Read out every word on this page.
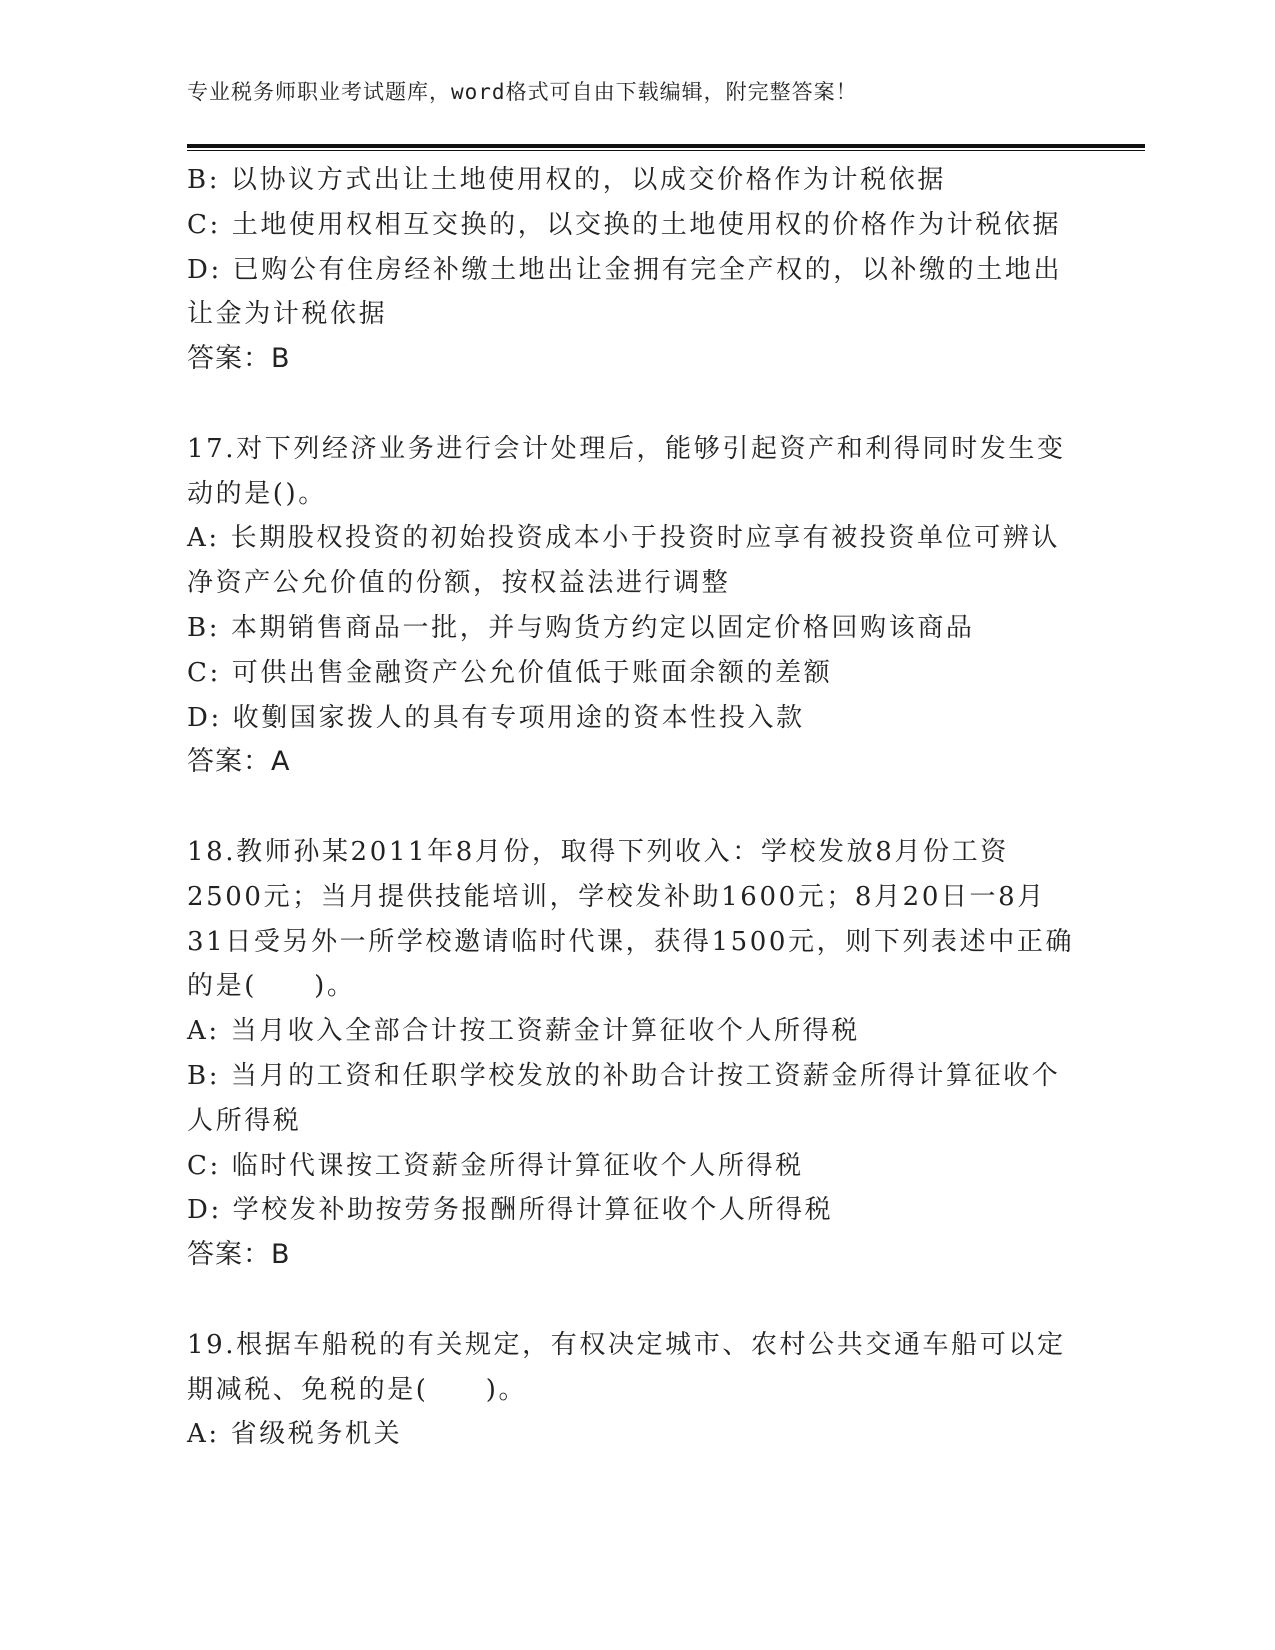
专业税务师职业考试题库，word格式可自由下载编辑，附完整答案！
B: 以协议方式出让土地使用权的，以成交价格作为计税依据
C: 土地使用权相互交换的，以交换的土地使用权的价格作为计税依据
D: 已购公有住房经补缴土地出让金拥有完全产权的，以补缴的土地出
让金为计税依据
答案：B
17.对下列经济业务进行会计处理后，能够引起资产和利得同时发生变
动的是()。
A: 长期股权投资的初始投资成本小于投资时应享有被投资单位可辨认
净资产公允价值的份额，按权益法进行调整
B: 本期销售商品一批，并与购货方约定以固定价格回购该商品
C: 可供出售金融资产公允价值低于账面余额的差额
D: 收劐国家拨人的具有专项用途的资本性投入款
答案：A
18.教师孙某2011年8月份，取得下列收入：学校发放8月份工资
2500元；当月提供技能培训，学校发补助1600元；8月20日一8月
31日受另外一所学校邀请临时代课，获得1500元，则下列表述中正确
的是(　　)。
A: 当月收入全部合计按工资薪金计算征收个人所得税
B: 当月的工资和任职学校发放的补助合计按工资薪金所得计算征收个
人所得税
C: 临时代课按工资薪金所得计算征收个人所得税
D: 学校发补助按劳务报酬所得计算征收个人所得税
答案：B
19.根据车船税的有关规定，有权决定城市、农村公共交通车船可以定
期减税、免税的是(　　)。
A: 省级税务机关
